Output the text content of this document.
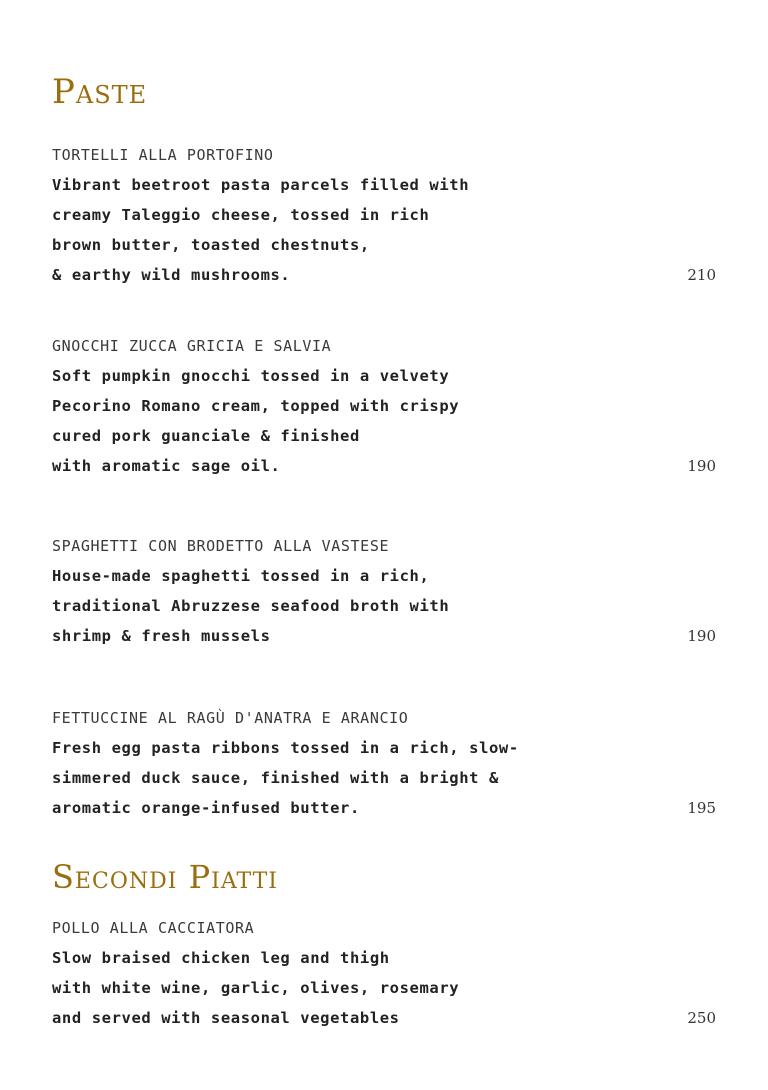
Paste
TORTELLI ALLA PORTOFINO
Vibrant beetroot pasta parcels filled with
creamy Taleggio cheese, tossed in rich
brown butter, toasted chestnuts,
& earthy wild mushrooms.	210
GNOCCHI ZUCCA GRICIA E SALVIA
Soft pumpkin gnocchi tossed in a velvety
Pecorino Romano cream, topped with crispy
cured pork guanciale & finished
with aromatic sage oil.	190
SPAGHETTI CON BRODETTO ALLA VASTESE
House-made spaghetti tossed in a rich,
traditional Abruzzese seafood broth with
shrimp & fresh mussels	190
FETTUCCINE AL RAGÙ D'ANATRA E ARANCIO
Fresh egg pasta ribbons tossed in a rich, slow-
simmered duck sauce, finished with a bright &
aromatic orange-infused butter.	195
Secondi Piatti
POLLO ALLA CACCIATORA
Slow braised chicken leg and thigh
with white wine, garlic, olives, rosemary
and served with seasonal vegetables	250
